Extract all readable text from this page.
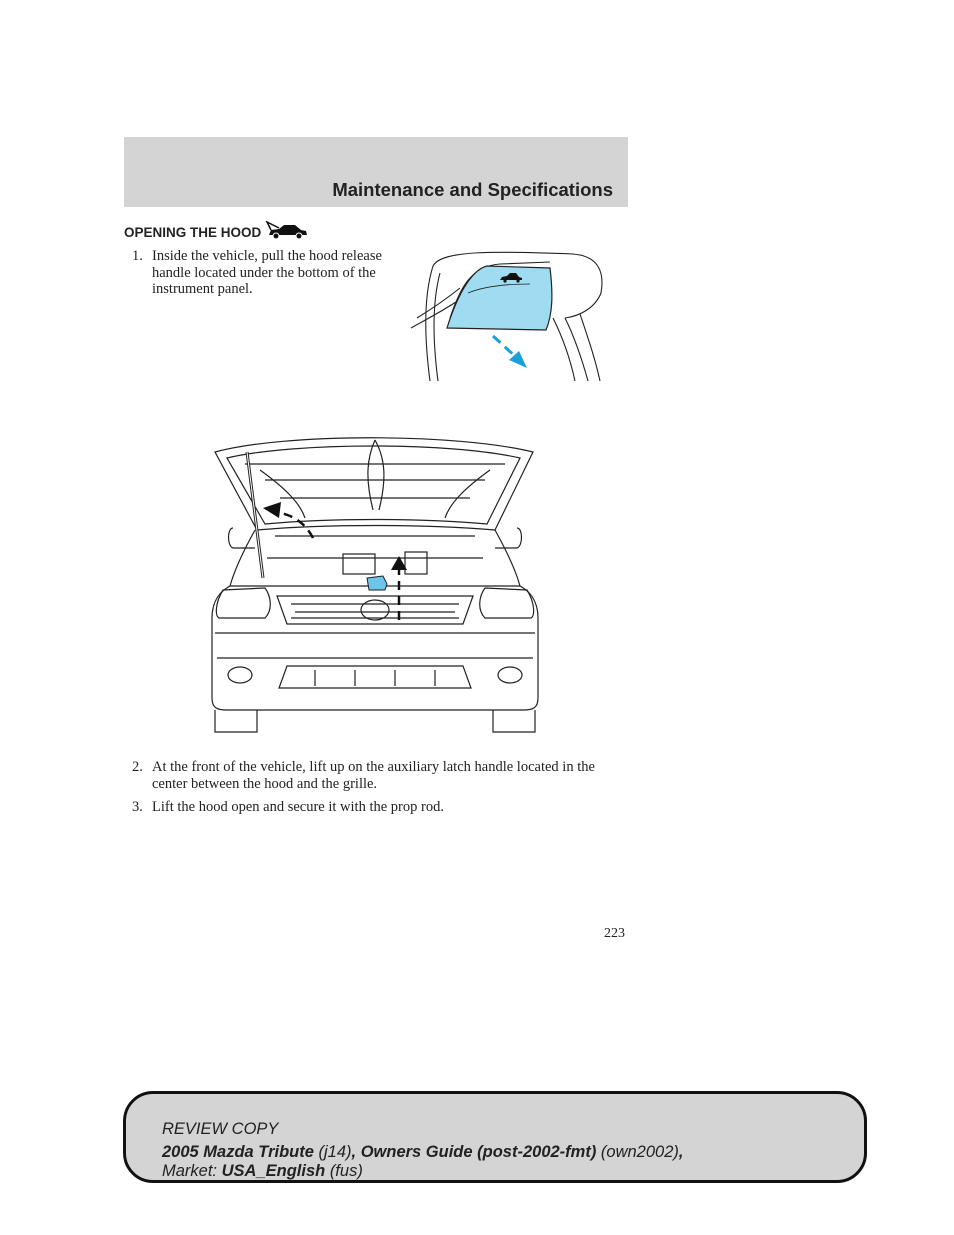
Maintenance and Specifications
OPENING THE HOOD
1. Inside the vehicle, pull the hood release handle located under the bottom of the instrument panel.
2. At the front of the vehicle, lift up on the auxiliary latch handle located in the center between the hood and the grille.
3. Lift the hood open and secure it with the prop rod.
223
REVIEW COPY
2005 Mazda Tribute (j14), Owners Guide (post-2002-fmt) (own2002),
Market: USA_English (fus)
